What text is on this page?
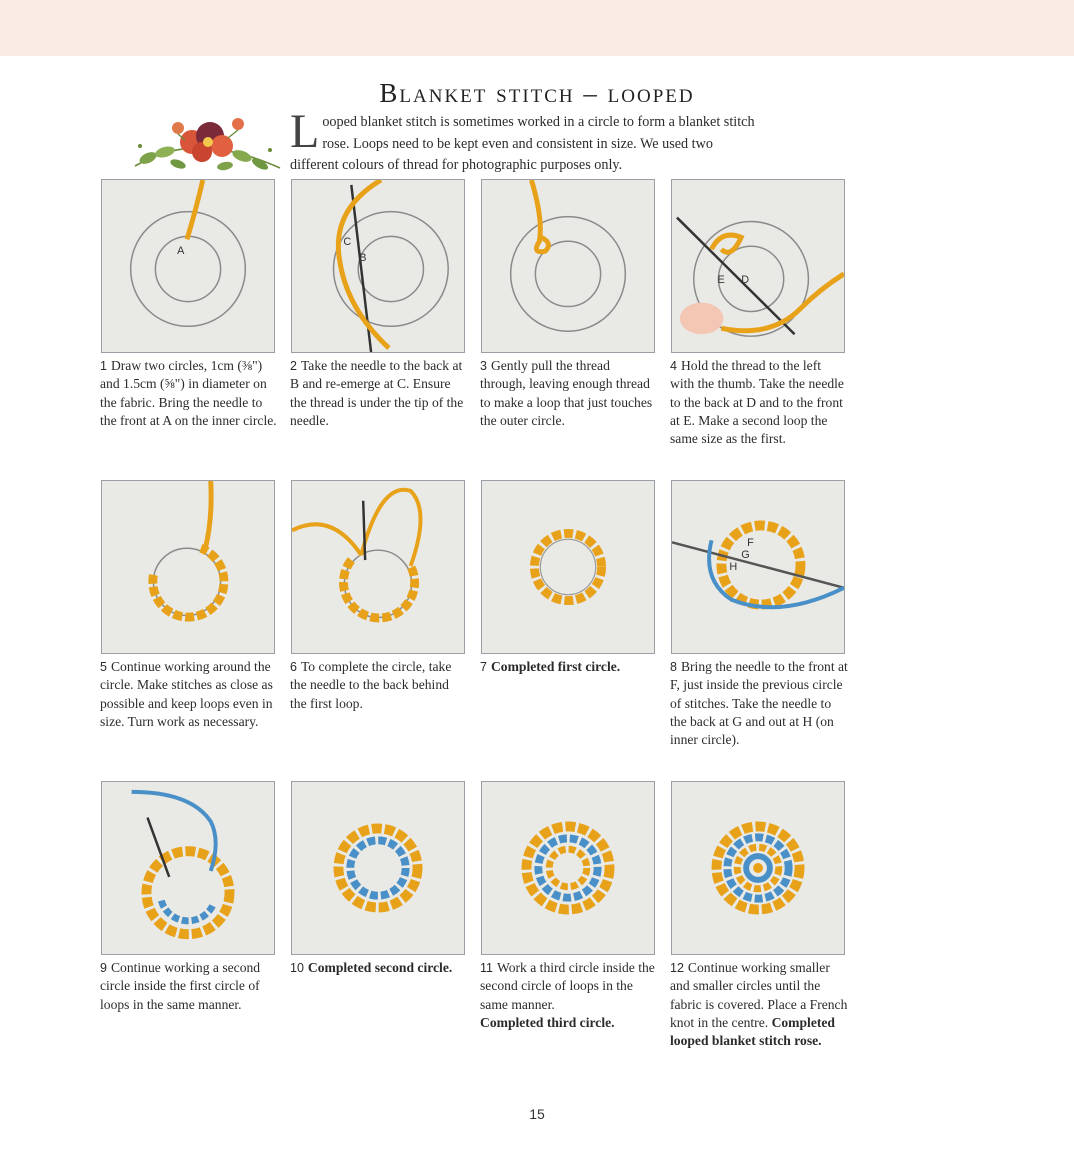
Blanket stitch – looped
Looped blanket stitch is sometimes worked in a circle to form a blanket stitch rose. Loops need to be kept even and consistent in size. We used two different colours of thread for photographic purposes only.
A
C
B
E D
1 Draw two circles, 1cm (⅜") and 1.5cm (⅝") in diameter on the fabric. Bring the needle to the front at A on the inner circle.
2 Take the needle to the back at B and re-emerge at C. Ensure the thread is under the tip of the needle.
3 Gently pull the thread through, leaving enough thread to make a loop that just touches the outer circle.
4 Hold the thread to the left with the thumb. Take the needle to the back at D and to the front at E. Make a second loop the same size as the first.
F
G
H
5 Continue working around the circle. Make stitches as close as possible and keep loops even in size. Turn work as necessary.
6 To complete the circle, take the needle to the back behind the first loop.
7 Completed first circle.	8 Bring the needle to the front at F, just inside the previous circle of stitches. Take the needle to the back at G and out at H (on inner circle).
9 Continue working a second circle inside the first circle of loops in the same manner.
10 Completed second circle.	11 Work a third circle inside the second circle of loops in the same manner.
Completed third circle.
12 Continue working smaller and smaller circles until the fabric is covered. Place a French knot in the centre. Completed looped blanket stitch rose.
15
